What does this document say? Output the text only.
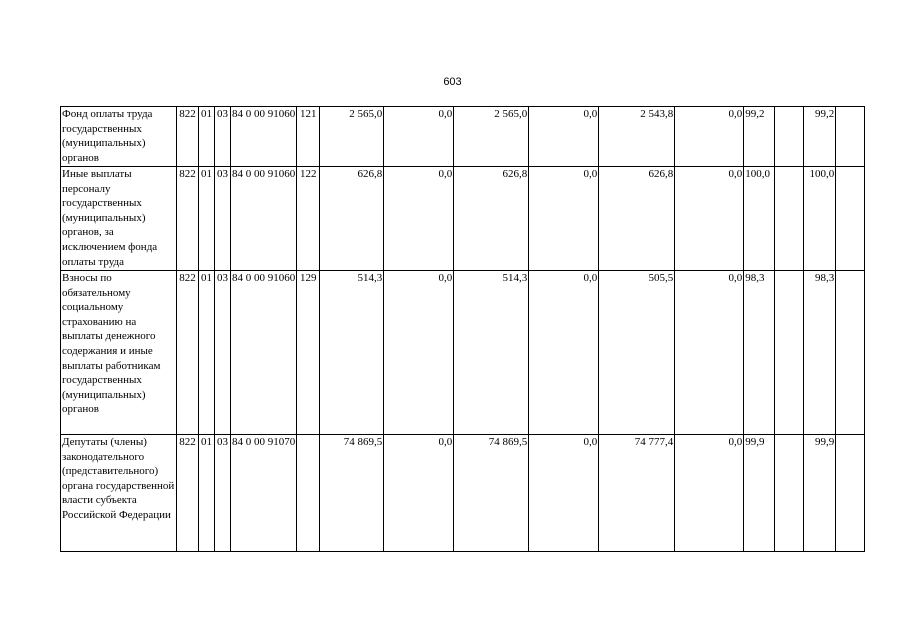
603
Фонд оплаты труда государственных (муниципальных) органов	822	01	03	84 0 00 91060	121	2 565,0	0,0	2 565,0	0,0	2 543,8	0,0	99,2		99,2	
Иные выплаты персоналу государственных (муниципальных) органов, за исключением фонда оплаты труда	822	01	03	84 0 00 91060	122	626,8	0,0	626,8	0,0	626,8	0,0	100,0		100,0	
Взносы по обязательному социальному страхованию на выплаты денежного содержания и иные выплаты работникам государственных (муниципальных) органов	822	01	03	84 0 00 91060	129	514,3	0,0	514,3	0,0	505,5	0,0	98,3		98,3	
Депутаты (члены) законодательного (представительного) органа государственной власти субъекта Российской Федерации	822	01	03	84 0 00 91070		74 869,5	0,0	74 869,5	0,0	74 777,4	0,0	99,9		99,9	
